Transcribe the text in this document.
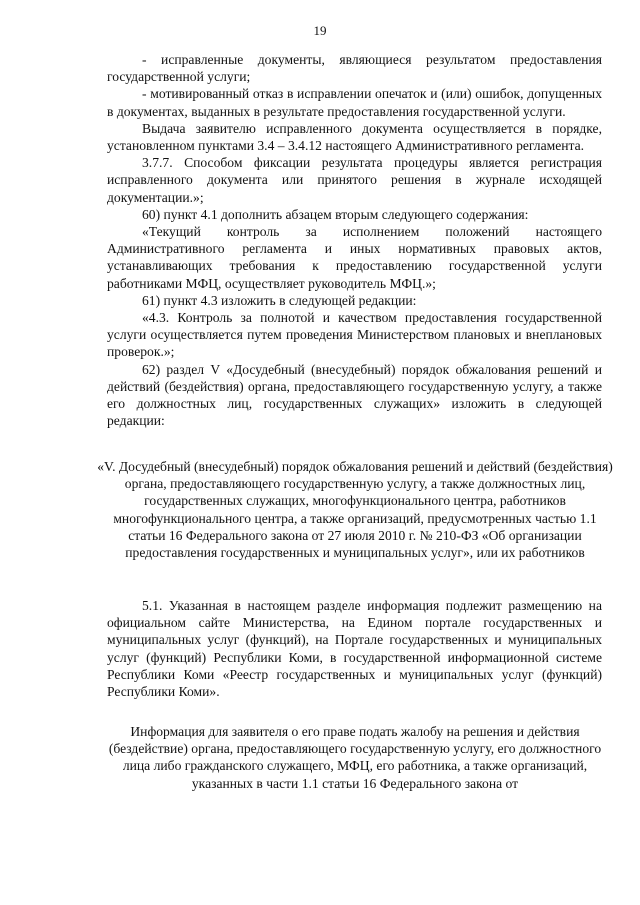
19

- исправленные документы, являющиеся результатом предоставления государственной услуги;

- мотивированный отказ в исправлении опечаток и (или) ошибок, допущенных в документах, выданных в результате предоставления государственной услуги.

Выдача заявителю исправленного документа осуществляется в порядке, установленном пунктами 3.4 – 3.4.12 настоящего Административного регламента.

3.7.7. Способом фиксации результата процедуры является регистрация исправленного документа или принятого решения в журнале исходящей документации.»;

60) пункт 4.1 дополнить абзацем вторым следующего содержания:

«Текущий контроль за исполнением положений настоящего Административного регламента и иных нормативных правовых актов, устанавливающих требования к предоставлению государственной услуги работниками МФЦ, осуществляет руководитель МФЦ.»;

61) пункт 4.3 изложить в следующей редакции:

«4.3. Контроль за полнотой и качеством предоставления государственной услуги осуществляется путем проведения Министерством плановых и внеплановых проверок.»;

62) раздел V «Досудебный (внесудебный) порядок обжалования решений и действий (бездействия) органа, предоставляющего государственную услугу, а также его должностных лиц, государственных служащих» изложить в следующей редакции:

«V. Досудебный (внесудебный) порядок обжалования решений и действий (бездействия) органа, предоставляющего государственную услугу, а также должностных лиц, государственных служащих, многофункционального центра, работников многофункционального центра, а также организаций, предусмотренных частью 1.1 статьи 16 Федерального закона от 27 июля 2010 г. № 210-ФЗ «Об организации предоставления государственных и муниципальных услуг», или их работников

5.1. Указанная в настоящем разделе информация подлежит размещению на официальном сайте Министерства, на Едином портале государственных и муниципальных услуг (функций), на Портале государственных и муниципальных услуг (функций) Республики Коми, в государственной информационной системе Республики Коми «Реестр государственных и муниципальных услуг (функций) Республики Коми».

Информация для заявителя о его праве подать жалобу на решения и действия (бездействие) органа, предоставляющего государственную услугу, его должностного лица либо гражданского служащего, МФЦ, его работника, а также организаций, указанных в части 1.1 статьи 16 Федерального закона от
